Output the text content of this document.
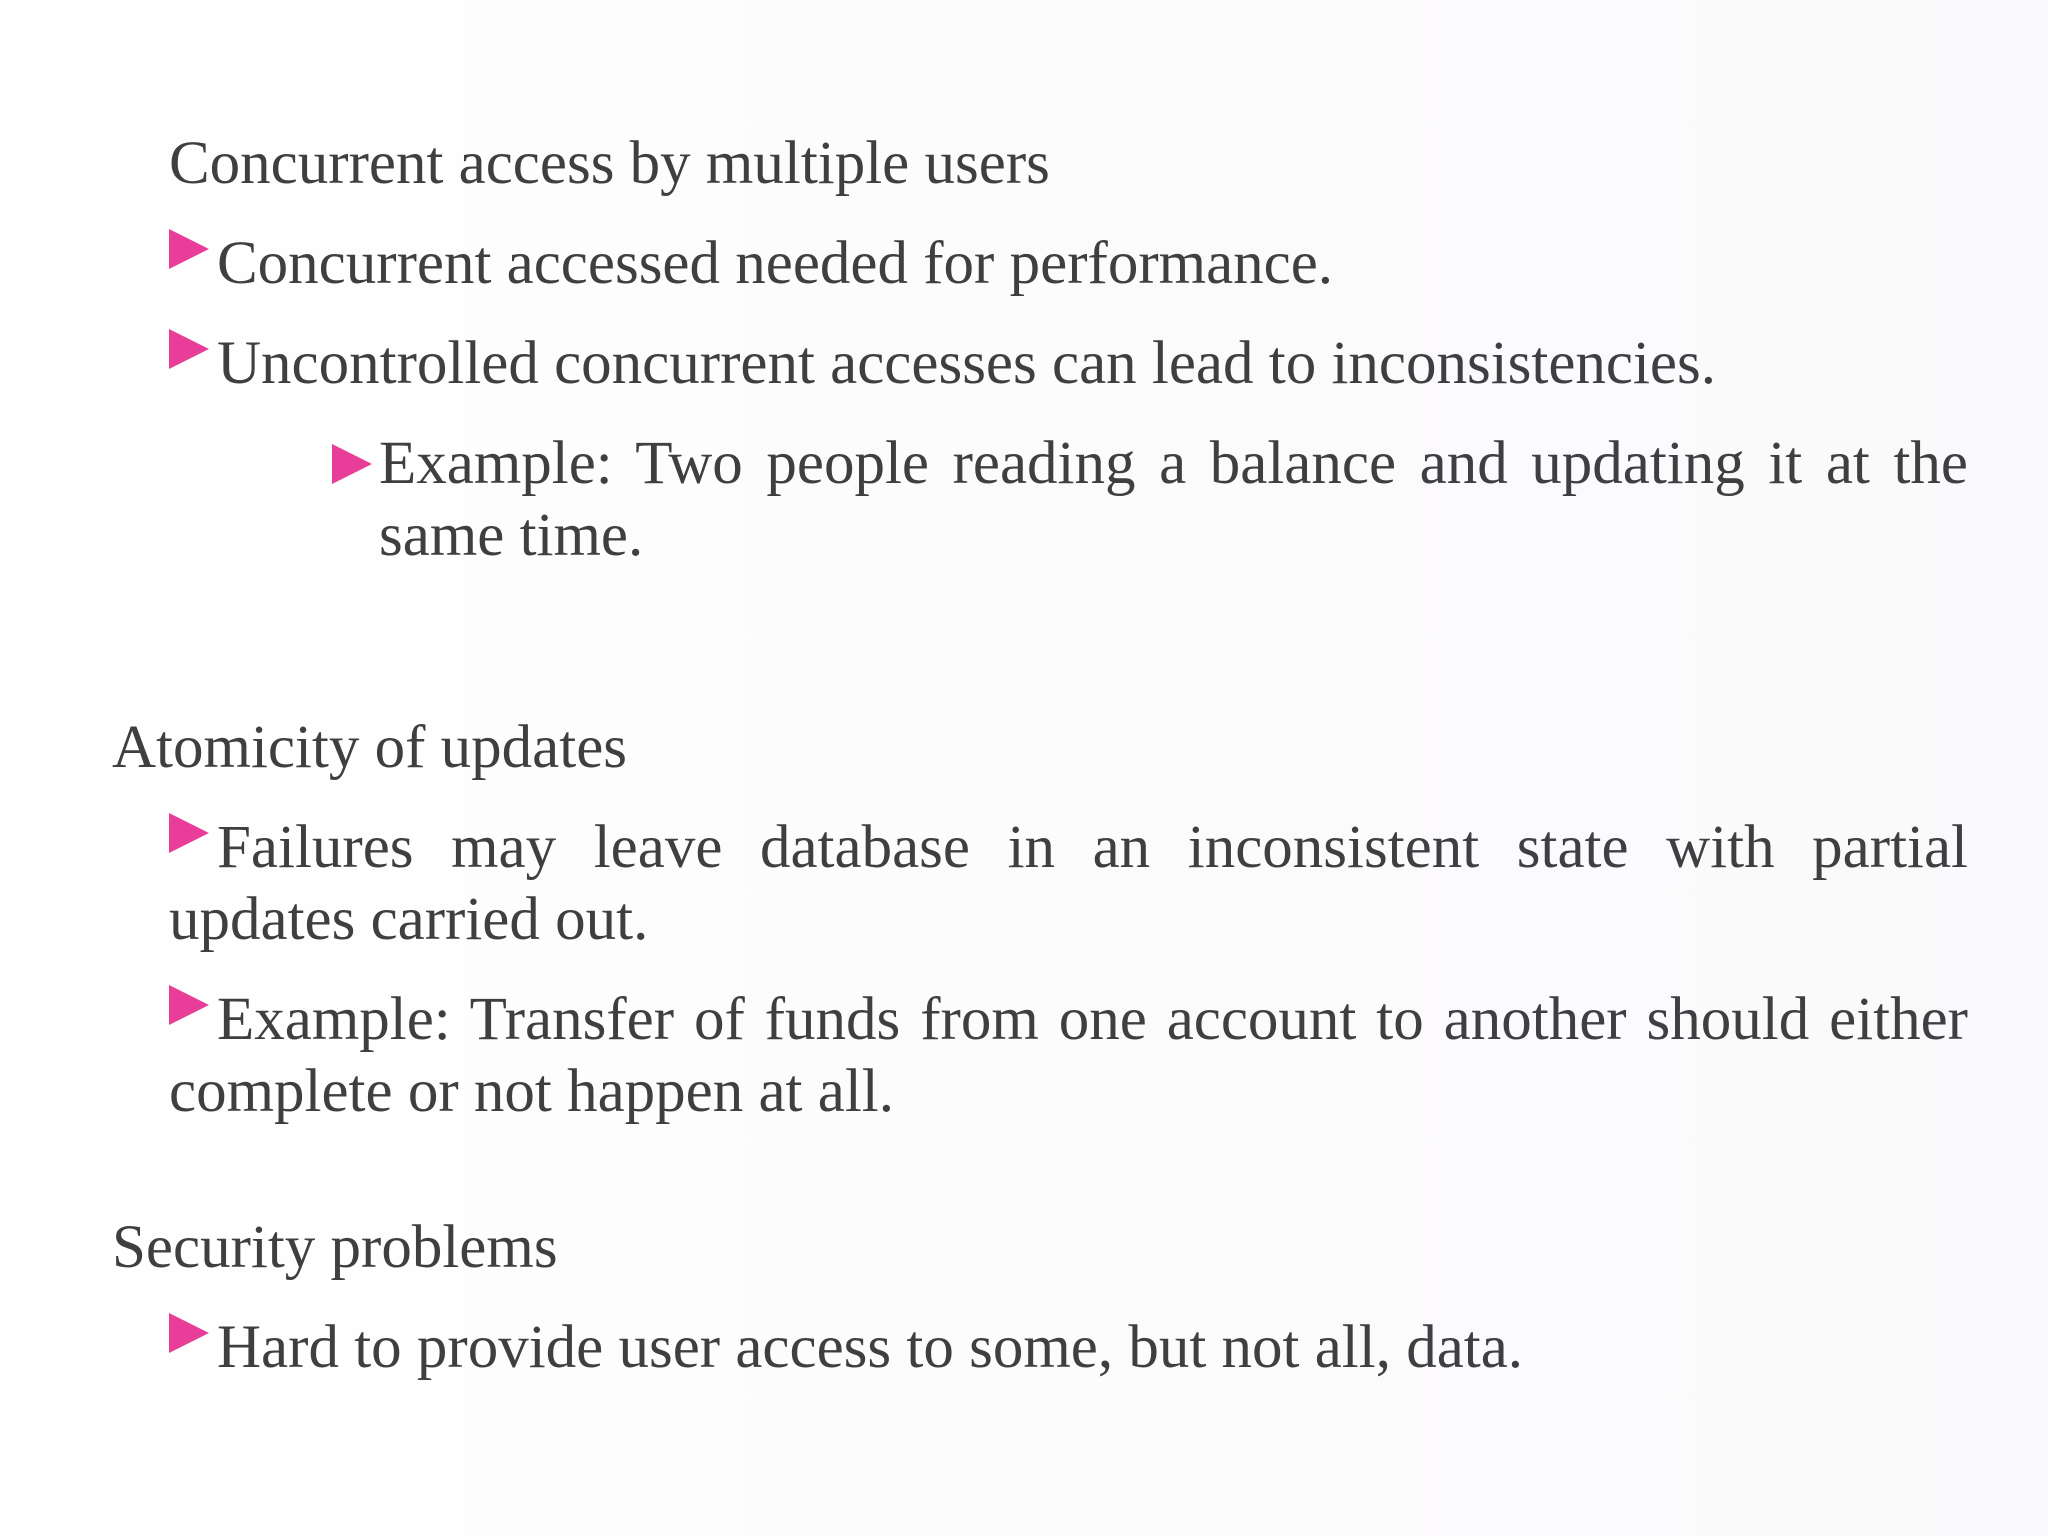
Concurrent access by multiple users
Concurrent accessed needed for performance.
Uncontrolled concurrent accesses can lead to inconsistencies.
Example: Two people reading a balance and updating it at the same time.
Atomicity of updates
Failures may leave database in an inconsistent state with partial updates carried out.
Example: Transfer of funds from one account to another should either complete or not happen at all.
Security problems
Hard to provide user access to some, but not all, data.
